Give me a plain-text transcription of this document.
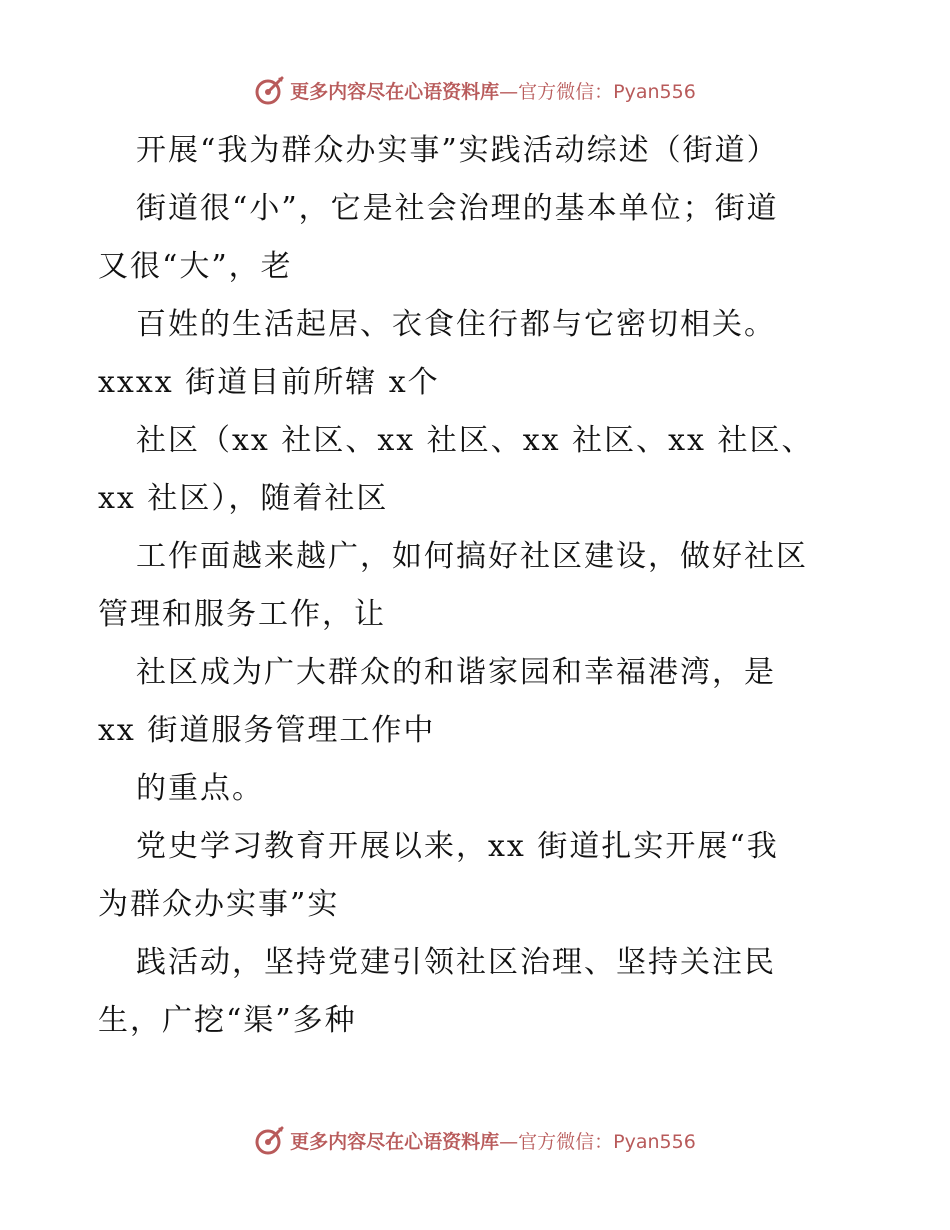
更多内容尽在心语资料库—官方微信：Pyan556
开展“我为群众办实事”实践活动综述（街道）
街道很“小”，它是社会治理的基本单位；街道
又很“大”，老
百姓的生活起居、衣食住行都与它密切相关。
xxxx 街道目前所辖 x个
社区（xx 社区、xx 社区、xx 社区、xx 社区、
xx 社区），随着社区
工作面越来越广，如何搞好社区建设，做好社区
管理和服务工作，让
社区成为广大群众的和谐家园和幸福港湾，是
xx 街道服务管理工作中
的重点。
党史学习教育开展以来，xx 街道扎实开展“我
为群众办实事”实
践活动，坚持党建引领社区治理、坚持关注民
生，广挖“渠”多种
更多内容尽在心语资料库—官方微信：Pyan556
